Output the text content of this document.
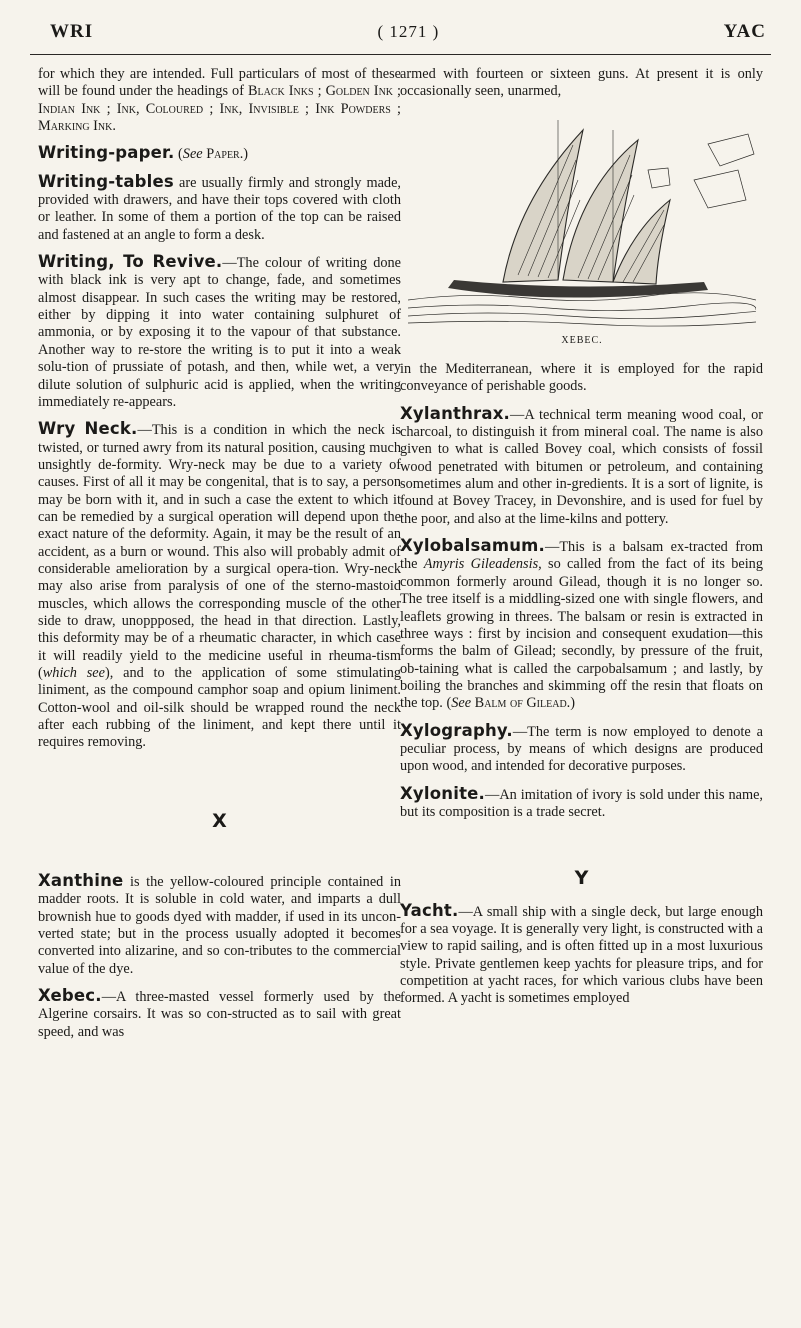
WRI	( 1271 )	YAC

for which they are intended. Full particulars of most of these will be found under the headings of Black Inks ; Golden Ink ; Indian Ink ; Ink, Coloured ; Ink, Invisible ; Ink Powders ; Marking Ink.

Writing-paper. (See Paper.)

Writing-tables are usually firmly and strongly made, provided with drawers, and have their tops covered with cloth or leather. In some of them a portion of the top can be raised and fastened at an angle to form a desk.

Writing, To Revive.—The colour of writing done with black ink is very apt to change, fade, and sometimes almost disappear. In such cases the writing may be restored, either by dipping it into water containing sulphuret of ammonia, or by exposing it to the vapour of that substance. Another way to re-store the writing is to put it into a weak solu-tion of prussiate of potash, and then, while wet, a very dilute solution of sulphuric acid is applied, when the writing immediately re-appears.

Wry Neck.—This is a condition in which the neck is twisted, or turned awry from its natural position, causing much unsightly de-formity. Wry-neck may be due to a variety of causes. First of all it may be congenital, that is to say, a person may be born with it, and in such a case the extent to which it can be remedied by a surgical operation will depend upon the exact nature of the deformity. Again, it may be the result of an accident, as a burn or wound. This also will probably admit of considerable amelioration by a surgical opera-tion. Wry-neck may also arise from paralysis of one of the sterno-mastoid muscles, which allows the corresponding muscle of the other side to draw, unoppposed, the head in that direction. Lastly, this deformity may be of a rheumatic character, in which case it will readily yield to the medicine useful in rheuma-tism (which see), and to the application of some stimulating liniment, as the compound camphor soap and opium liniment. Cotton-wool and oil-silk should be wrapped round the neck after each rubbing of the liniment, and kept there until it requires removing.

X

Xanthine is the yellow-coloured principle contained in madder roots. It is soluble in cold water, and imparts a dull brownish hue to goods dyed with madder, if used in its uncon-verted state; but in the process usually adopted it becomes converted into alizarine, and so con-tributes to the commercial value of the dye.

Xebec.—A three-masted vessel formerly used by the Algerine corsairs. It was so con-structed as to sail with great speed, and was

armed with fourteen or sixteen guns. At present it is only occasionally seen, unarmed,

XEBEC.

in the Mediterranean, where it is employed for the rapid conveyance of perishable goods.

Xylanthrax.—A technical term meaning wood coal, or charcoal, to distinguish it from mineral coal. The name is also given to what is called Bovey coal, which consists of fossil wood penetrated with bitumen or petroleum, and containing sometimes alum and other in-gredients. It is a sort of lignite, is found at Bovey Tracey, in Devonshire, and is used for fuel by the poor, and also at the lime-kilns and pottery.

Xylobalsamum.—This is a balsam ex-tracted from the Amyris Gileadensis, so called from the fact of its being common formerly around Gilead, though it is no longer so. The tree itself is a middling-sized one with single flowers, and leaflets growing in threes. The balsam or resin is extracted in three ways : first by incision and consequent exudation—this forms the balm of Gilead; secondly, by pressure of the fruit, ob-taining what is called the carpobalsamum ; and lastly, by boiling the branches and skimming off the resin that floats on the top. (See Balm of Gilead.)

Xylography.—The term is now employed to denote a peculiar process, by means of which designs are produced upon wood, and intended for decorative purposes.

Xylonite.—An imitation of ivory is sold under this name, but its composition is a trade secret.

Y

Yacht.—A small ship with a single deck, but large enough for a sea voyage. It is generally very light, is constructed with a view to rapid sailing, and is often fitted up in a most luxurious style. Private gentlemen keep yachts for pleasure trips, and for competition at yacht races, for which various clubs have been formed. A yacht is sometimes employed
